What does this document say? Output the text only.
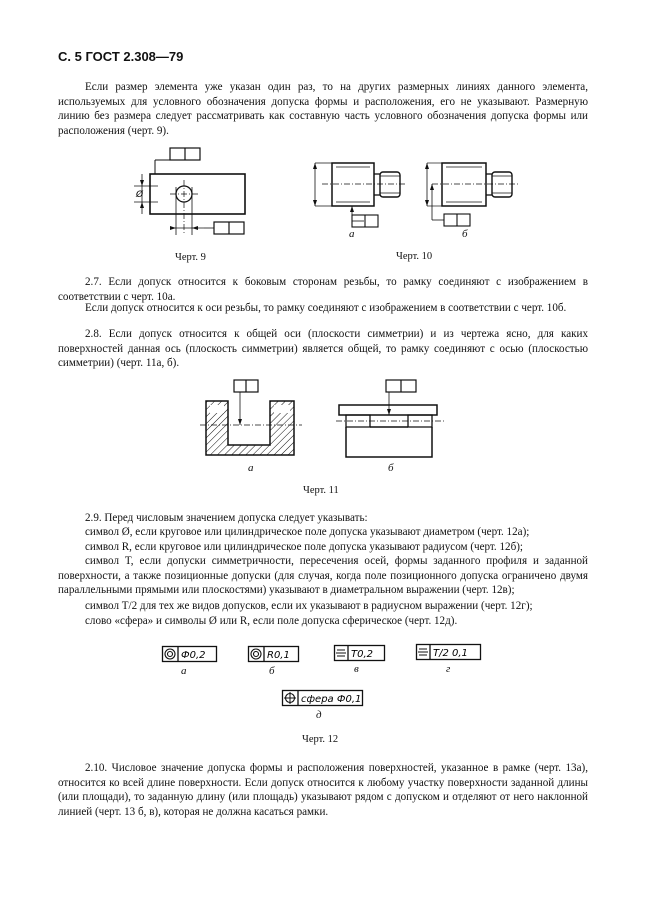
С. 5 ГОСТ 2.308—79

Если размер элемента уже указан один раз, то на других размерных линиях данного элемента, используемых для условного обозначения допуска формы и расположения, его не указывают. Размерную линию без размера следует рассматривать как составную часть условного обозначения допуска формы или расположения (черт. 9).

Ø
Черт. 9
а	б
Черт. 10

2.7. Если допуск относится к боковым сторонам резьбы, то рамку соединяют с изображением в соответствии с черт. 10а.

Если допуск относится к оси резьбы, то рамку соединяют с изображением в соответствии с черт. 10б.

2.8. Если допуск относится к общей оси (плоскости симметрии) и из чертежа ясно, для каких поверхностей данная ось (плоскость симметрии) является общей, то рамку соединяют с осью (плоскостью симметрии) (черт. 11а, б).

а	б
Черт. 11

2.9. Перед числовым значением допуска следует указывать:

символ Ø, если круговое или цилиндрическое поле допуска указывают диаметром (черт. 12а);

символ R, если круговое или цилиндрическое поле допуска указывают радиусом (черт. 12б);

символ T, если допуски симметричности, пересечения осей, формы заданного профиля и заданной поверхности, а также позиционные допуски (для случая, когда поле позиционного допуска ограничено двумя параллельными прямыми или плоскостями) указывают в диаметральном выражении (черт. 12в);

символ T/2 для тех же видов допусков, если их указывают в радиусном выражении (черт. 12г);

слово «сфера» и символы Ø или R, если поле допуска сферическое (черт. 12д).

Ф0,2
а
R0,1
б
T0,2
в
T/2 0,1
г
сфера Ф0,1
д
Черт. 12

2.10. Числовое значение допуска формы и расположения поверхностей, указанное в рамке (черт. 13а), относится ко всей длине поверхности. Если допуск относится к любому участку поверхности заданной длины (или площади), то заданную длину (или площадь) указывают рядом с допуском и отделяют от него наклонной линией (черт. 13 б, в), которая не должна касаться рамки.
